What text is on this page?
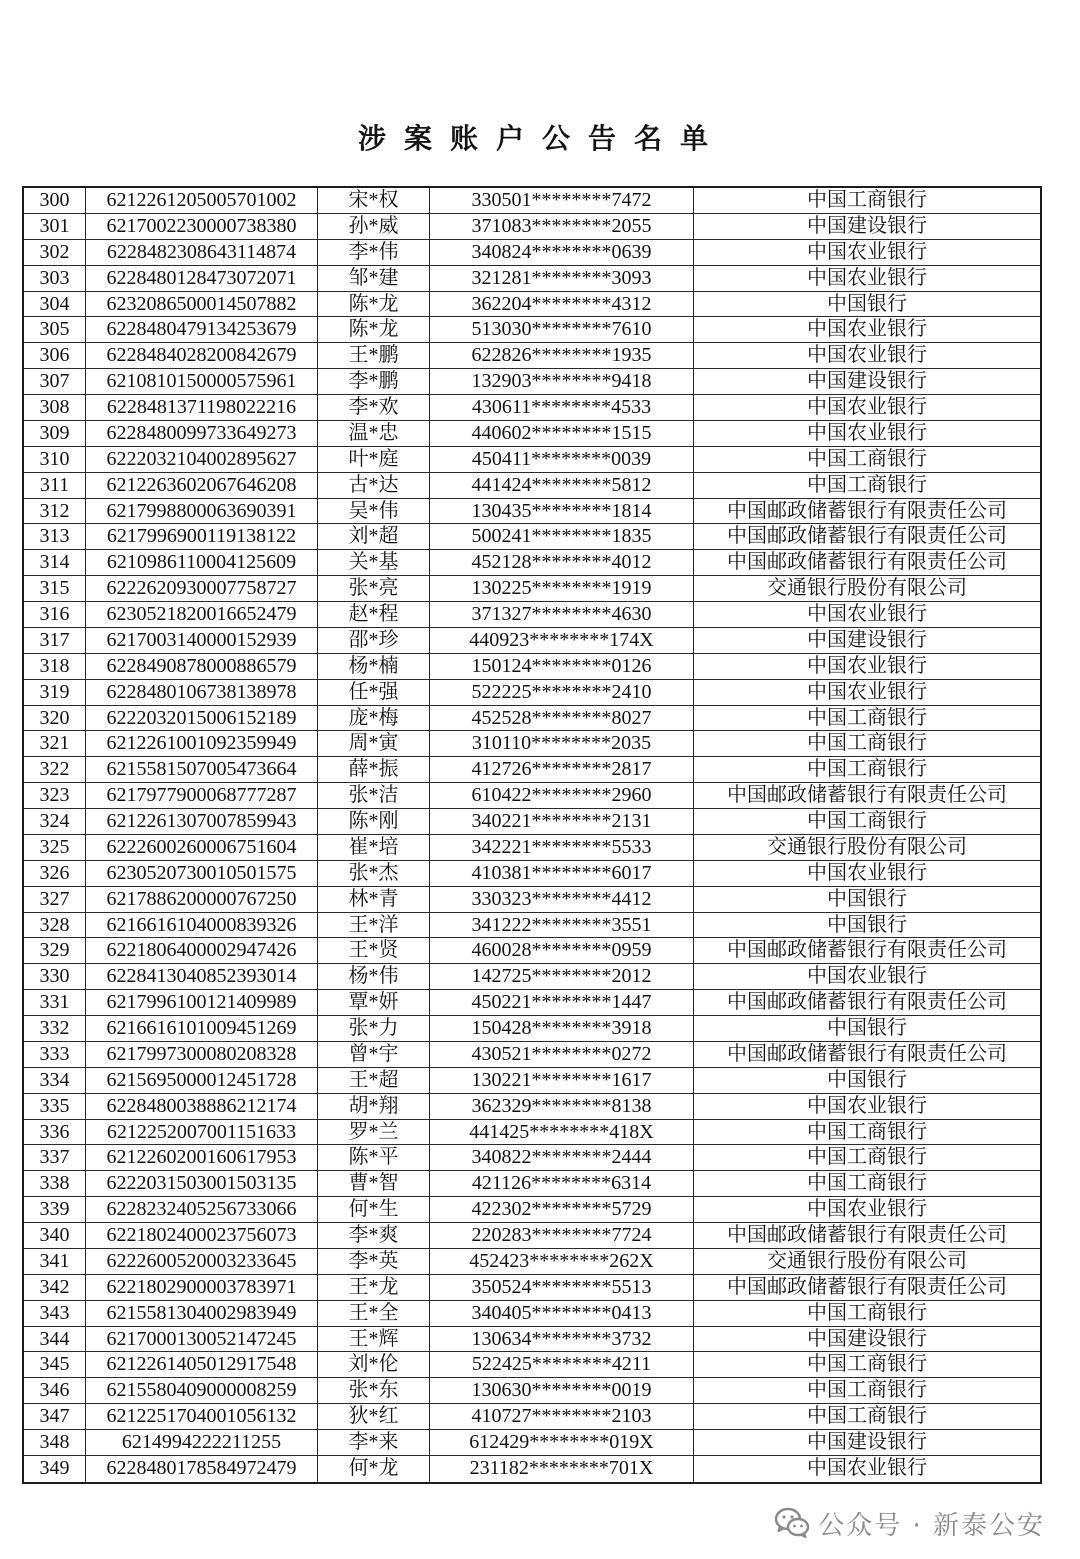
涉案账户公告名单
300	6212261205005701002	宋*权	330501********7472	中国工商银行
301	6217002230000738380	孙*威	371083********2055	中国建设银行
302	6228482308643114874	李*伟	340824********0639	中国农业银行
303	6228480128473072071	邹*建	321281********3093	中国农业银行
304	6232086500014507882	陈*龙	362204********4312	中国银行
305	6228480479134253679	陈*龙	513030********7610	中国农业银行
306	6228484028200842679	王*鹏	622826********1935	中国农业银行
307	6210810150000575961	李*鹏	132903********9418	中国建设银行
308	6228481371198022216	李*欢	430611********4533	中国农业银行
309	6228480099733649273	温*忠	440602********1515	中国农业银行
310	6222032104002895627	叶*庭	450411********0039	中国工商银行
311	6212263602067646208	古*达	441424********5812	中国工商银行
312	6217998800063690391	吴*伟	130435********1814	中国邮政储蓄银行有限责任公司
313	6217996900119138122	刘*超	500241********1835	中国邮政储蓄银行有限责任公司
314	6210986110004125609	关*基	452128********4012	中国邮政储蓄银行有限责任公司
315	6222620930007758727	张*亮	130225********1919	交通银行股份有限公司
316	6230521820016652479	赵*程	371327********4630	中国农业银行
317	6217003140000152939	邵*珍	440923********174X	中国建设银行
318	6228490878000886579	杨*楠	150124********0126	中国农业银行
319	6228480106738138978	任*强	522225********2410	中国农业银行
320	6222032015006152189	庞*梅	452528********8027	中国工商银行
321	6212261001092359949	周*寅	310110********2035	中国工商银行
322	6215581507005473664	薛*振	412726********2817	中国工商银行
323	6217977900068777287	张*洁	610422********2960	中国邮政储蓄银行有限责任公司
324	6212261307007859943	陈*刚	340221********2131	中国工商银行
325	6222600260006751604	崔*培	342221********5533	交通银行股份有限公司
326	6230520730010501575	张*杰	410381********6017	中国农业银行
327	6217886200000767250	林*青	330323********4412	中国银行
328	6216616104000839326	王*洋	341222********3551	中国银行
329	6221806400002947426	王*贤	460028********0959	中国邮政储蓄银行有限责任公司
330	6228413040852393014	杨*伟	142725********2012	中国农业银行
331	6217996100121409989	覃*妍	450221********1447	中国邮政储蓄银行有限责任公司
332	6216616101009451269	张*力	150428********3918	中国银行
333	6217997300080208328	曾*宇	430521********0272	中国邮政储蓄银行有限责任公司
334	6215695000012451728	王*超	130221********1617	中国银行
335	6228480038886212174	胡*翔	362329********8138	中国农业银行
336	6212252007001151633	罗*兰	441425********418X	中国工商银行
337	6212260200160617953	陈*平	340822********2444	中国工商银行
338	6222031503001503135	曹*智	421126********6314	中国工商银行
339	6228232405256733066	何*生	422302********5729	中国农业银行
340	6221802400023756073	李*爽	220283********7724	中国邮政储蓄银行有限责任公司
341	6222600520003233645	李*英	452423********262X	交通银行股份有限公司
342	6221802900003783971	王*龙	350524********5513	中国邮政储蓄银行有限责任公司
343	6215581304002983949	王*全	340405********0413	中国工商银行
344	6217000130052147245	王*辉	130634********3732	中国建设银行
345	6212261405012917548	刘*伦	522425********4211	中国工商银行
346	6215580409000008259	张*东	130630********0019	中国工商银行
347	6212251704001056132	狄*红	410727********2103	中国工商银行
348	6214994222211255	李*来	612429********019X	中国建设银行
349	6228480178584972479	何*龙	231182********701X	中国农业银行
公众号 · 新泰公安
